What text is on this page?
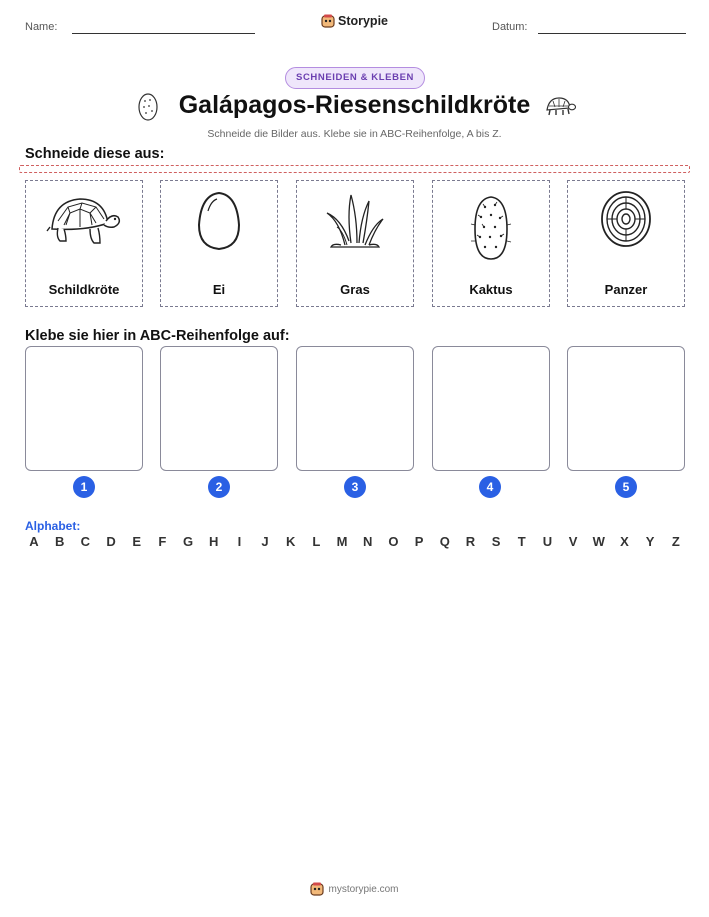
Name:	Storypie	Datum:
SCHNEIDEN & KLEBEN
Galápagos-Riesenschildkröte
Schneide die Bilder aus. Klebe sie in ABC-Reihenfolge, A bis Z.
Schneide diese aus:
Schildkröte	Ei	Gras	Kaktus	Panzer
Klebe sie hier in ABC-Reihenfolge auf:
1	2	3	4	5
Alphabet:
A	B	C	D	E	F	G	H	I	J	K	L	M	N	O	P	Q	R	S	T	U	V	W	X	Y	Z
mystorypie.com
